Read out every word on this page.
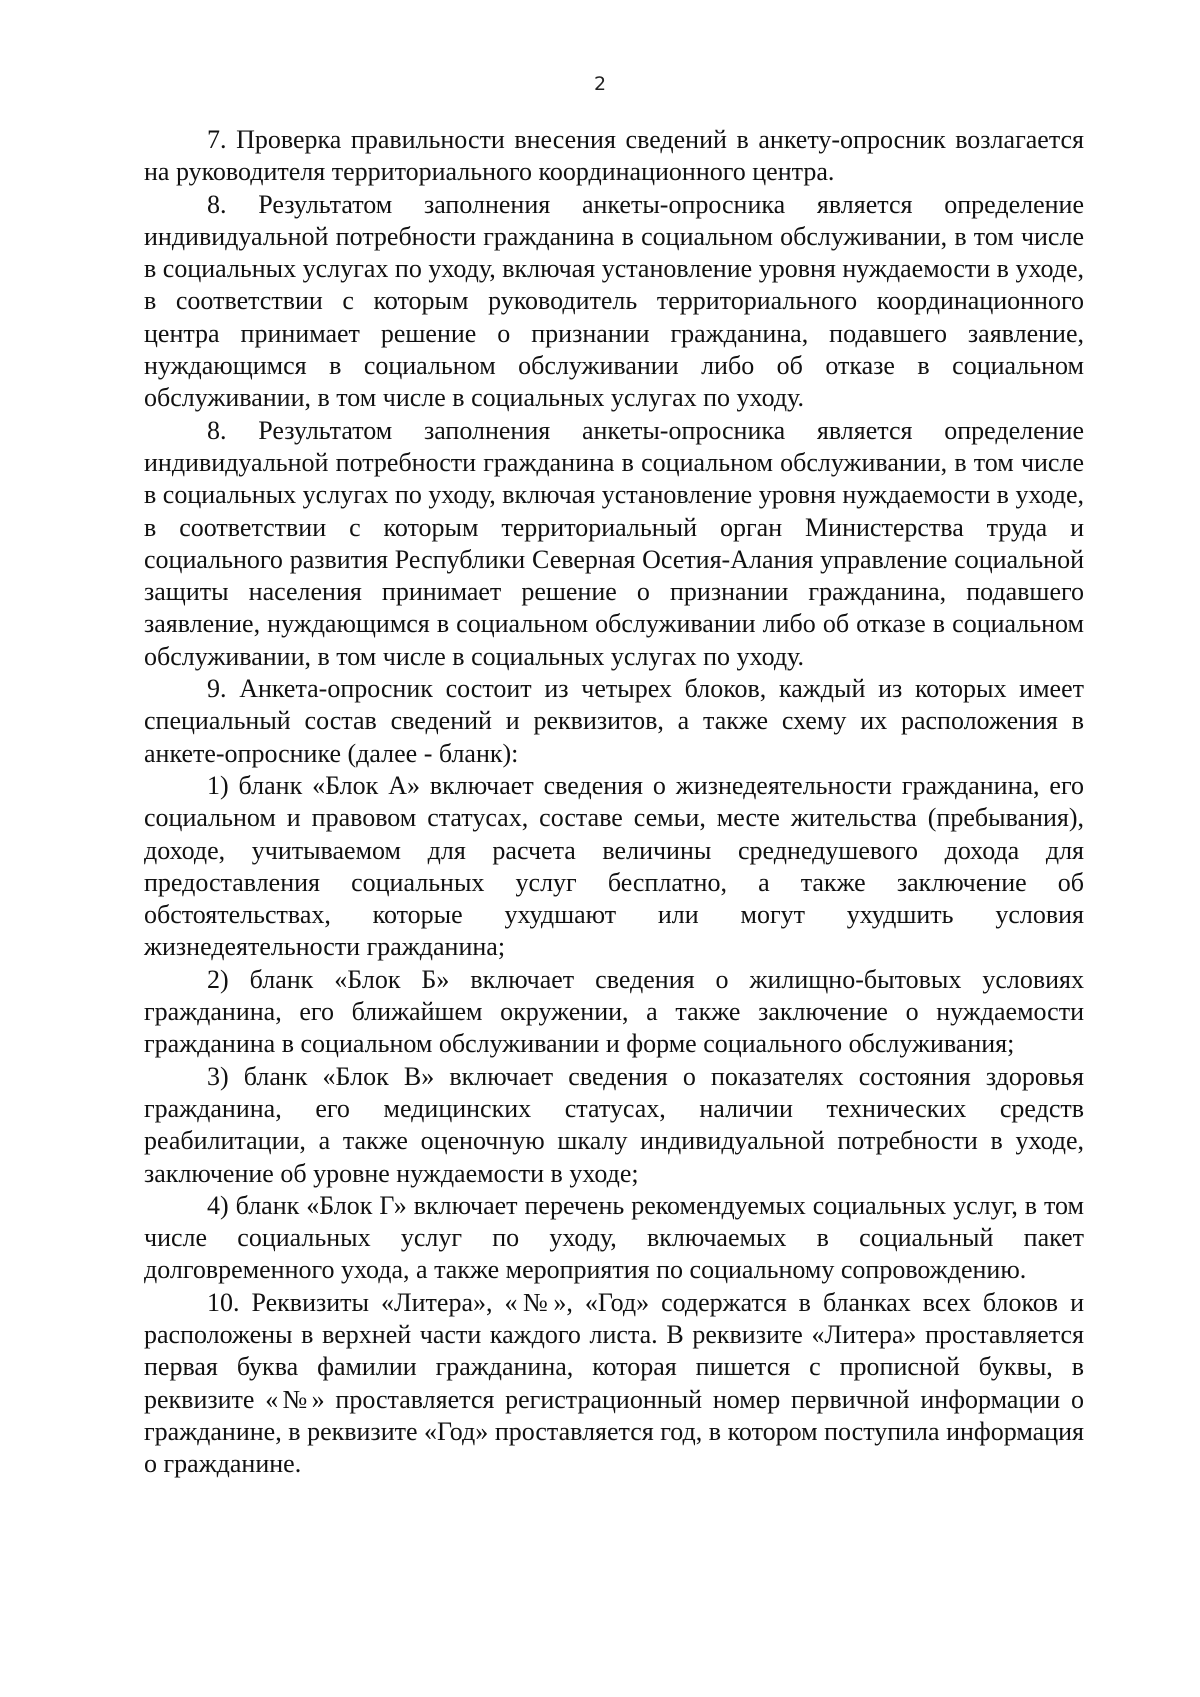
2

7. Проверка правильности внесения сведений в анкету-опросник возлагается на руководителя территориального координационного центра.

8. Результатом заполнения анкеты-опросника является определение индивидуальной потребности гражданина в социальном обслуживании, в том числе в социальных услугах по уходу, включая установление уровня нуждаемости в уходе, в соответствии с которым руководитель территориального координационного центра принимает решение о признании гражданина, подавшего заявление, нуждающимся в социальном обслуживании либо об отказе в социальном обслуживании, в том числе в социальных услугах по уходу.

8. Результатом заполнения анкеты-опросника является определение индивидуальной потребности гражданина в социальном обслуживании, в том числе в социальных услугах по уходу, включая установление уровня нуждаемости в уходе, в соответствии с которым территориальный орган Министерства труда и социального развития Республики Северная Осетия-Алания управление социальной защиты населения принимает решение о признании гражданина, подавшего заявление, нуждающимся в социальном обслуживании либо об отказе в социальном обслуживании, в том числе в социальных услугах по уходу.

9. Анкета-опросник состоит из четырех блоков, каждый из которых имеет специальный состав сведений и реквизитов, а также схему их расположения в анкете-опроснике (далее - бланк):

1) бланк «Блок А» включает сведения о жизнедеятельности гражданина, его социальном и правовом статусах, составе семьи, месте жительства (пребывания), доходе, учитываемом для расчета величины среднедушевого дохода для предоставления социальных услуг бесплатно, а также заключение об обстоятельствах, которые ухудшают или могут ухудшить условия жизнедеятельности гражданина;

2) бланк «Блок Б» включает сведения о жилищно-бытовых условиях гражданина, его ближайшем окружении, а также заключение о нуждаемости гражданина в социальном обслуживании и форме социального обслуживания;

3) бланк «Блок В» включает сведения о показателях состояния здоровья гражданина, его медицинских статусах, наличии технических средств реабилитации, а также оценочную шкалу индивидуальной потребности в уходе, заключение об уровне нуждаемости в уходе;

4) бланк «Блок Г» включает перечень рекомендуемых социальных услуг, в том числе социальных услуг по уходу, включаемых в социальный пакет долговременного ухода, а также мероприятия по социальному сопровождению.

10. Реквизиты «Литера», «№», «Год» содержатся в бланках всех блоков и расположены в верхней части каждого листа. В реквизите «Литера» проставляется первая буква фамилии гражданина, которая пишется с прописной буквы, в реквизите «№» проставляется регистрационный номер первичной информации о гражданине, в реквизите «Год» проставляется год, в котором поступила информация о гражданине.
